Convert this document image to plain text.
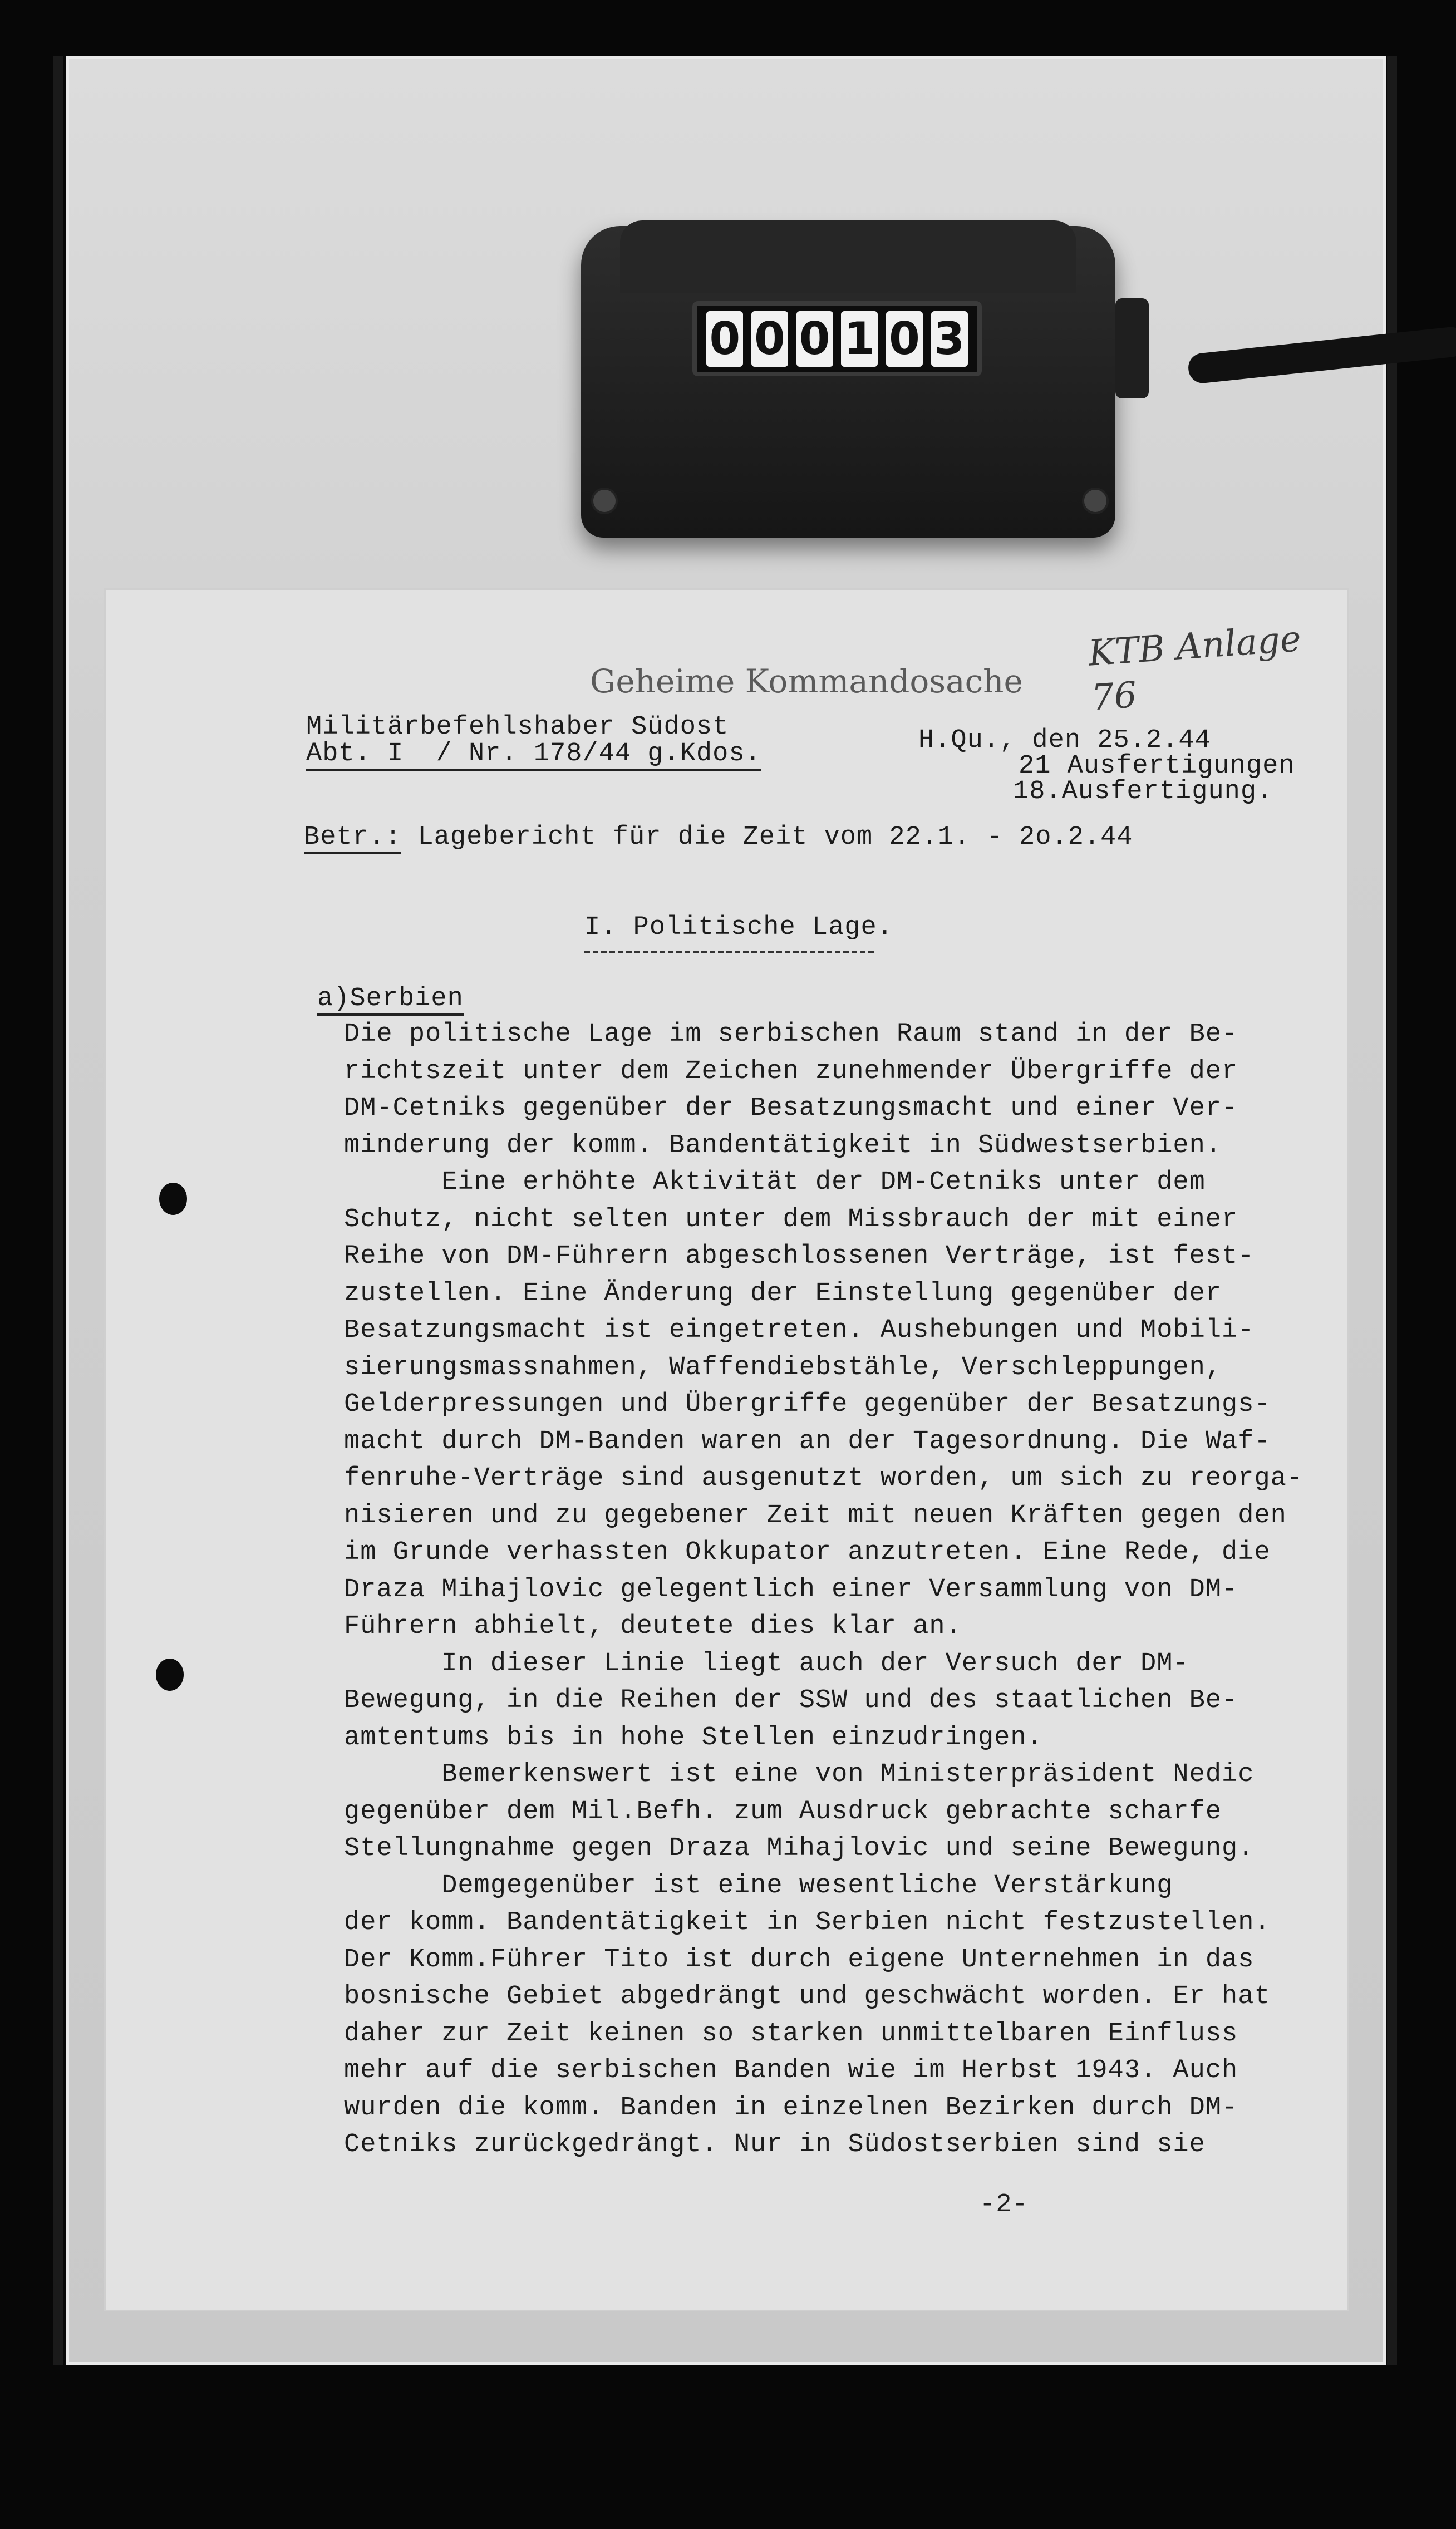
0 0 0 1 0 3
Geheime Kommandosache
KTB Anlage 76
Militärbefehlshaber Südost
Abt. I  / Nr. 178/44 g.Kdos.	H.Qu., den 25.2.44
21 Ausfertigungen
18.Ausfertigung.
Betr.: Lagebericht für die Zeit vom 22.1. - 2o.2.44
I. Politische Lage.
a)Serbien
Die politische Lage im serbischen Raum stand in der Be-
richtszeit unter dem Zeichen zunehmender Übergriffe der
DM-Cetniks gegenüber der Besatzungsmacht und einer Ver-
minderung der komm. Bandentätigkeit in Südwestserbien.
Eine erhöhte Aktivität der DM-Cetniks unter dem
Schutz, nicht selten unter dem Missbrauch der mit einer
Reihe von DM-Führern abgeschlossenen Verträge, ist fest-
zustellen. Eine Änderung der Einstellung gegenüber der
Besatzungsmacht ist eingetreten. Aushebungen und Mobili-
sierungsmassnahmen, Waffendiebstähle, Verschleppungen,
Gelderpressungen und Übergriffe gegenüber der Besatzungs-
macht durch DM-Banden waren an der Tagesordnung. Die Waf-
fenruhe-Verträge sind ausgenutzt worden, um sich zu reorga-
nisieren und zu gegebener Zeit mit neuen Kräften gegen den
im Grunde verhassten Okkupator anzutreten. Eine Rede, die
Draza Mihajlovic gelegentlich einer Versammlung von DM-
Führern abhielt, deutete dies klar an.
In dieser Linie liegt auch der Versuch der DM-
Bewegung, in die Reihen der SSW und des staatlichen Be-
amtentums bis in hohe Stellen einzudringen.
Bemerkenswert ist eine von Ministerpräsident Nedic
gegenüber dem Mil.Befh. zum Ausdruck gebrachte scharfe
Stellungnahme gegen Draza Mihajlovic und seine Bewegung.
Demgegenüber ist eine wesentliche Verstärkung
der komm. Bandentätigkeit in Serbien nicht festzustellen.
Der Komm.Führer Tito ist durch eigene Unternehmen in das
bosnische Gebiet abgedrängt und geschwächt worden. Er hat
daher zur Zeit keinen so starken unmittelbaren Einfluss
mehr auf die serbischen Banden wie im Herbst 1943. Auch
wurden die komm. Banden in einzelnen Bezirken durch DM-
Cetniks zurückgedrängt. Nur in Südostserbien sind sie
-2-
